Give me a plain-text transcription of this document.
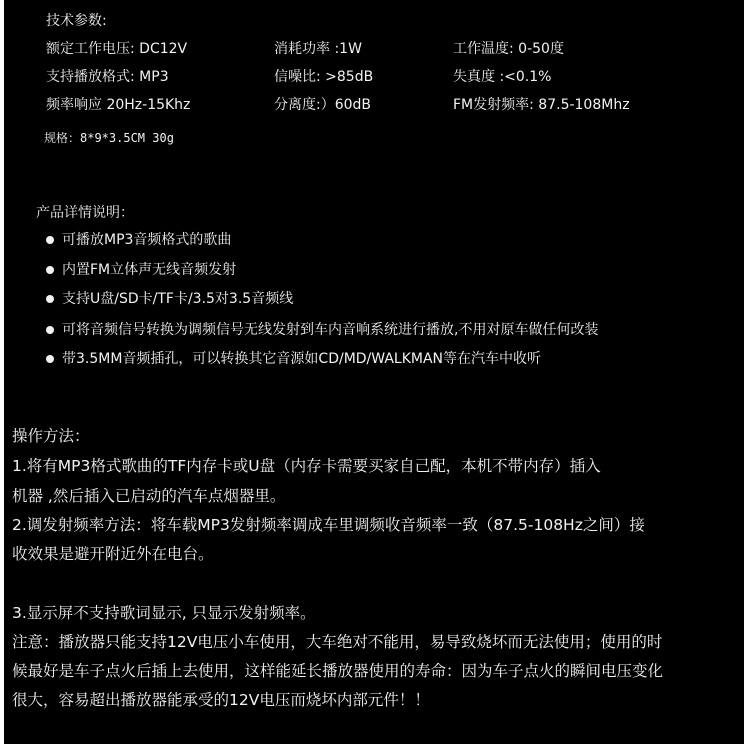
技术参数:
额定工作电压: DC12V	消耗功率 :1W	工作温度: 0-50度
支持播放格式: MP3	信噪比: >85dB	失真度 :<0.1%
频率响应 20Hz-15Khz	分离度:）60dB	FM发射频率: 87.5-108Mhz
规格：8*9*3.5CM 30g
产品详情说明：
可播放MP3音频格式的歌曲
内置FM立体声无线音频发射
支持U盘/SD卡/TF卡/3.5对3.5音频线
可将音频信号转换为调频信号无线发射到车内音响系统进行播放,不用对原车做任何改装
带3.5MM音频插孔，可以转换其它音源如CD/MD/WALKMAN等在汽车中收听
操作方法：
1.将有MP3格式歌曲的TF内存卡或U盘（内存卡需要买家自己配，本机不带内存）插入
机器 ,然后插入已启动的汽车点烟器里。
2.调发射频率方法：将车载MP3发射频率调成车里调频收音频率一致（87.5-108Hz之间）接
收效果是避开附近外在电台。
3.显示屏不支持歌词显示, 只显示发射频率。
注意：播放器只能支持12V电压小车使用，大车绝对不能用，易导致烧坏而无法使用；使用的时
候最好是车子点火后插上去使用，这样能延长播放器使用的寿命：因为车子点火的瞬间电压变化
很大，容易超出播放器能承受的12V电压而烧坏内部元件！！
